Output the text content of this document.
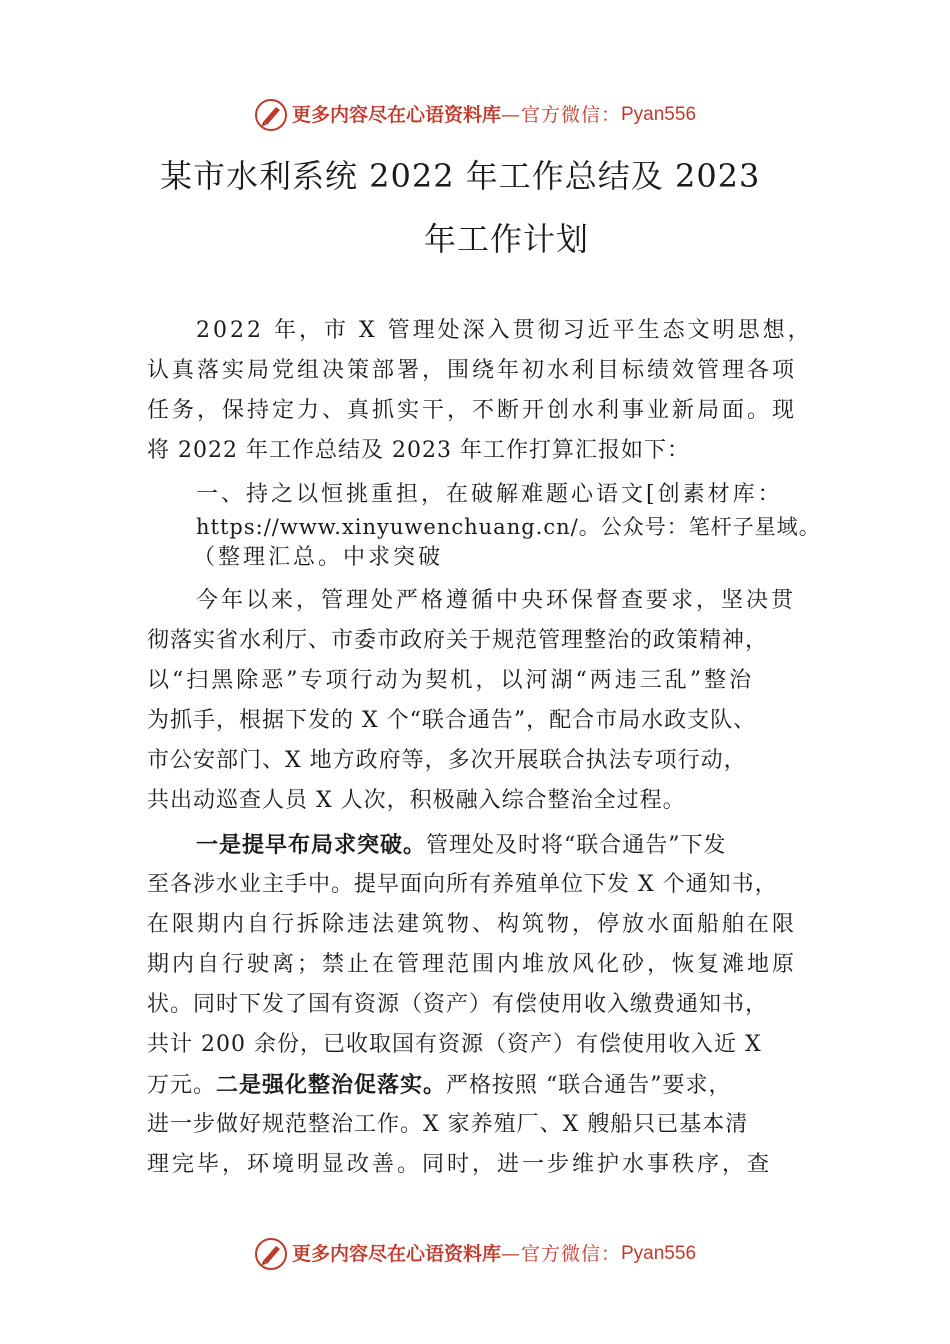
更多内容尽在心语资料库 — 官方微信： Pyan556
某市水利系统 2022 年工作总结及 2023
年工作计划
2022 年，市 X 管理处深入贯彻习近平生态文明思想，
认真落实局党组决策部署，围绕年初水利目标绩效管理各项
任务，保持定力、真抓实干，不断开创水利事业新局面。现
将 2022 年工作总结及 2023 年工作打算汇报如下：
一、持之以恒挑重担，在破解难题心语文[创素材库：
https://www.xinyuwenchuang.cn/。公众号：笔杆子星域。
（整理汇总。中求突破
今年以来，管理处严格遵循中央环保督查要求，坚决贯
彻落实省水利厅、市委市政府关于规范管理整治的政策精神，
以“扫黑除恶”专项行动为契机，以河湖“两违三乱”整治
为抓手，根据下发的 X 个“联合通告”，配合市局水政支队、
市公安部门、X 地方政府等，多次开展联合执法专项行动，
共出动巡查人员 X 人次，积极融入综合整治全过程。
一是提早布局求突破。管理处及时将“联合通告”下发
至各涉水业主手中。提早面向所有养殖单位下发 X 个通知书，
在限期内自行拆除违法建筑物、构筑物，停放水面船舶在限
期内自行驶离；禁止在管理范围内堆放风化砂，恢复滩地原
状。同时下发了国有资源（资产）有偿使用收入缴费通知书，
共计 200 余份，已收取国有资源（资产）有偿使用收入近 X
万元。二是强化整治促落实。严格按照 “联合通告”要求，
进一步做好规范整治工作。X 家养殖厂、X 艘船只已基本清
理完毕，环境明显改善。同时，进一步维护水事秩序，查
更多内容尽在心语资料库 — 官方微信： Pyan556
